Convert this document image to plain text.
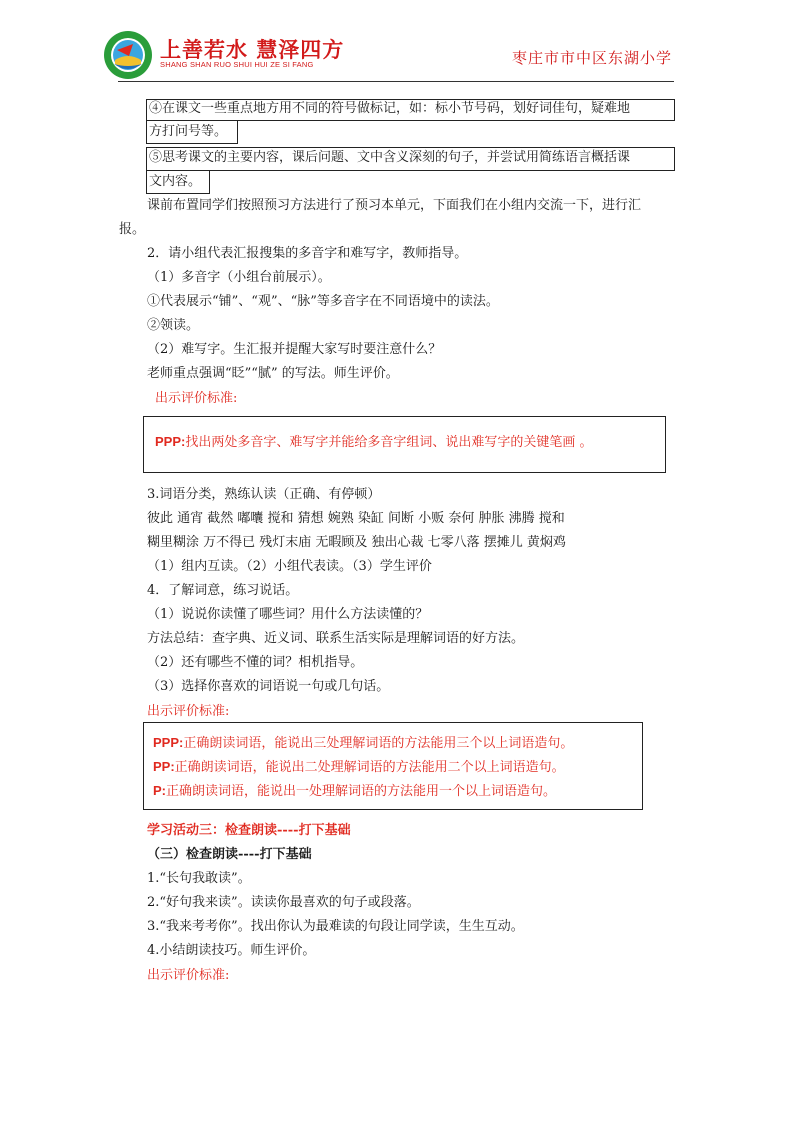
上善若水 慧泽四方
SHANG SHAN RUO SHUI HUI ZE SI FANG	枣庄市市中区东湖小学
④在课文一些重点地方用不同的符号做标记，如：标小节号码，划好词佳句，疑难地
方打问号等。
⑤思考课文的主要内容，课后问题、文中含义深刻的句子，并尝试用简练语言概括课
文内容。
课前布置同学们按照预习方法进行了预习本单元，下面我们在小组内交流一下，进行汇
报。
2．请小组代表汇报搜集的多音字和难写字，教师指导。
（1）多音字（小组台前展示）。
①代表展示“铺”、“观”、“脉”等多音字在不同语境中的读法。
②领读。
（2）难写字。生汇报并提醒大家写时要注意什么？
老师重点强调“眨”“腻” 的写法。师生评价。
出示评价标准:
PPP:找出两处多音字、难写字并能给多音字组词、说出难写字的关键笔画 。
3.词语分类，熟练认读（正确、有停顿）
彼此 通宵 截然 嘟囔 搅和 猜想 婉熟 染缸 间断 小贩 奈何 肿胀 沸腾 搅和
糊里糊涂 万不得已 残灯末庙 无暇顾及 独出心裁 七零八落 摆摊儿 黄焖鸡
（1）组内互读。（2）小组代表读。（3）学生评价
4．了解词意，练习说话。
（1）说说你读懂了哪些词？用什么方法读懂的？
方法总结：查字典、近义词、联系生活实际是理解词语的好方法。
（2）还有哪些不懂的词？相机指导。
（3）选择你喜欢的词语说一句或几句话。
出示评价标准:
PPP:正确朗读词语，能说出三处理解词语的方法能用三个以上词语造句。
PP:正确朗读词语，能说出二处理解词语的方法能用二个以上词语造句。
P:正确朗读词语，能说出一处理解词语的方法能用一个以上词语造句。
学习活动三：检查朗读----打下基础
（三）检查朗读----打下基础
1.“长句我敢读”。
2.“好句我来读”。读读你最喜欢的句子或段落。
3.“我来考考你”。找出你认为最难读的句段让同学读，生生互动。
4.小结朗读技巧。师生评价。
出示评价标准:
